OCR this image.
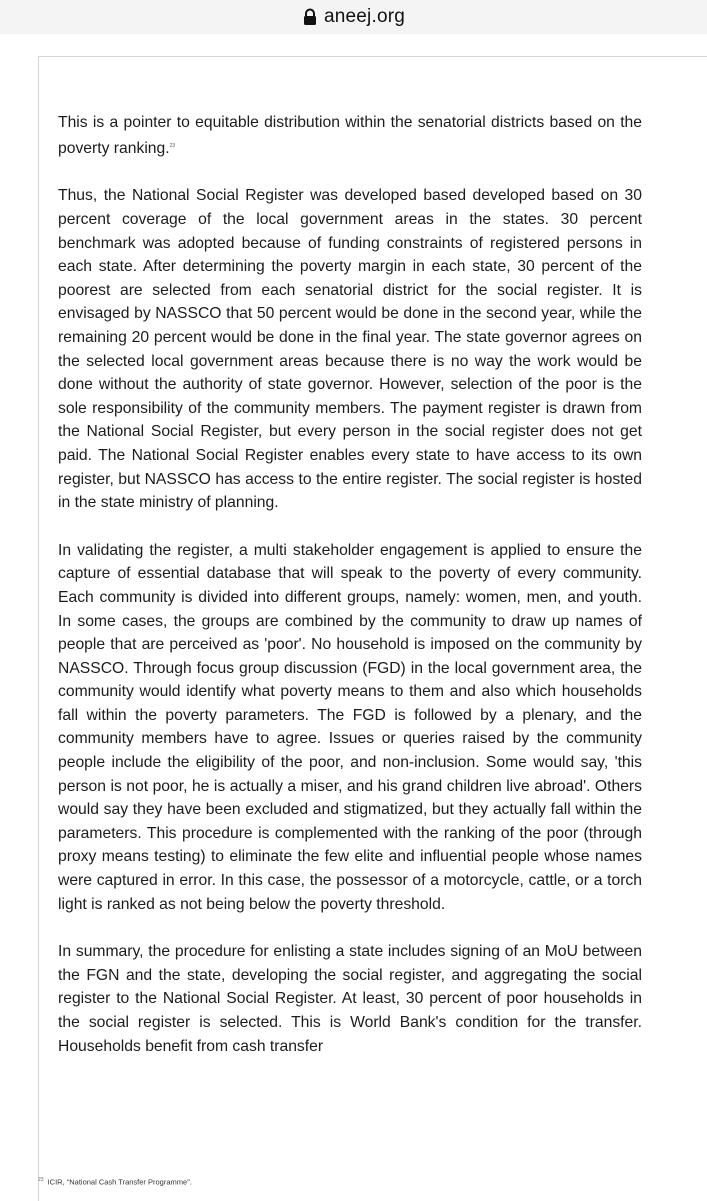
aneej.org

This is a pointer to equitable distribution within the senatorial districts based on the poverty ranking.$^{23}$

Thus, the National Social Register was developed based developed based on 30 percent coverage of the local government areas in the states. 30 percent benchmark was adopted because of funding constraints of registered persons in each state. After determining the poverty margin in each state, 30 percent of the poorest are selected from each senatorial district for the social register. It is envisaged by NASSCO that 50 percent would be done in the second year, while the remaining 20 percent would be done in the final year. The state governor agrees on the selected local government areas because there is no way the work would be done without the authority of state governor. However, selection of the poor is the sole responsibility of the community members. The payment register is drawn from the National Social Register, but every person in the social register does not get paid. The National Social Register enables every state to have access to its own register, but NASSCO has access to the entire register. The social register is hosted in the state ministry of planning.

In validating the register, a multi stakeholder engagement is applied to ensure the capture of essential database that will speak to the poverty of every community. Each community is divided into different groups, namely: women, men, and youth. In some cases, the groups are combined by the community to draw up names of people that are perceived as 'poor'. No household is imposed on the community by NASSCO. Through focus group discussion (FGD) in the local government area, the community would identify what poverty means to them and also which households fall within the poverty parameters. The FGD is followed by a plenary, and the community members have to agree. Issues or queries raised by the community people include the eligibility of the poor, and non-inclusion. Some would say, 'this person is not poor, he is actually a miser, and his grand children live abroad'. Others would say they have been excluded and stigmatized, but they actually fall within the parameters. This procedure is complemented with the ranking of the poor (through proxy means testing) to eliminate the few elite and influential people whose names were captured in error. In this case, the possessor of a motorcycle, cattle, or a torch light is ranked as not being below the poverty threshold.

In summary, the procedure for enlisting a state includes signing of an MoU between the FGN and the state, developing the social register, and aggregating the social register to the National Social Register. At least, 30 percent of poor households in the social register is selected. This is World Bank's condition for the transfer. Households benefit from cash transfer

$^{23}$ ICIR, “National Cash Transfer Programme”.
